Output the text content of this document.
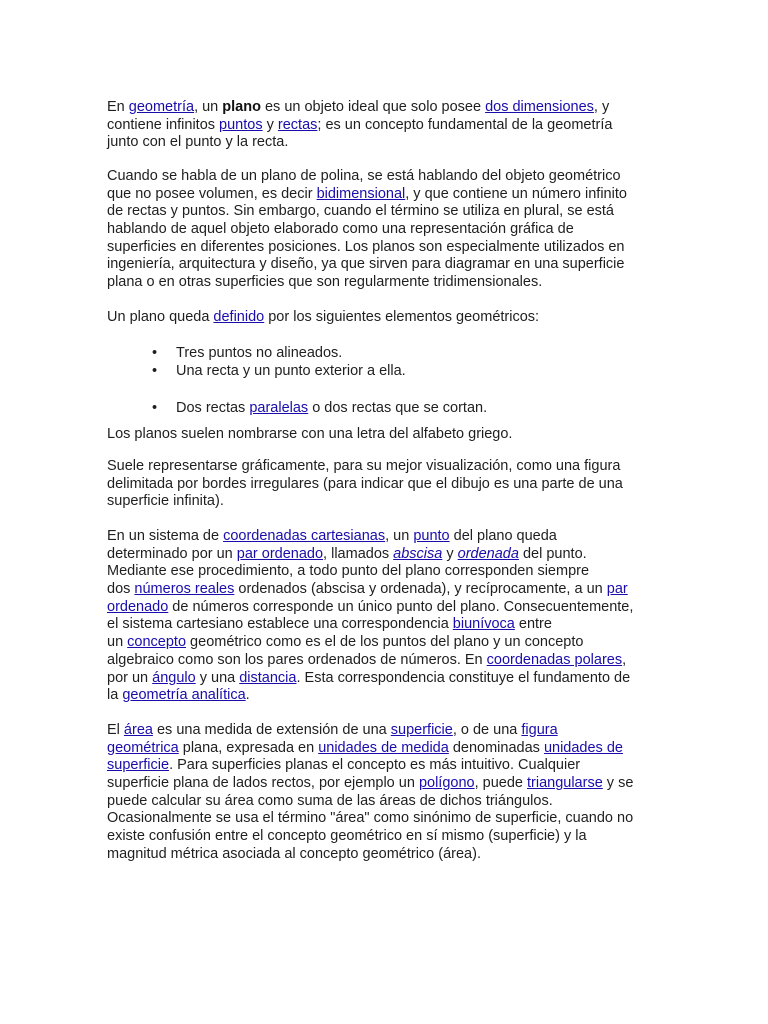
En geometría, un plano es un objeto ideal que solo posee dos dimensiones, y
contiene infinitos puntos y rectas; es un concepto fundamental de la geometría
junto con el punto y la recta.

Cuando se habla de un plano de polina, se está hablando del objeto geométrico
que no posee volumen, es decir bidimensional, y que contiene un número infinito
de rectas y puntos. Sin embargo, cuando el término se utiliza en plural, se está
hablando de aquel objeto elaborado como una representación gráfica de
superficies en diferentes posiciones. Los planos son especialmente utilizados en
ingeniería, arquitectura y diseño, ya que sirven para diagramar en una superficie
plana o en otras superficies que son regularmente tridimensionales.

Un plano queda definido por los siguientes elementos geométricos:

• Tres puntos no alineados.
• Una recta y un punto exterior a ella.
• Dos rectas paralelas o dos rectas que se cortan.

Los planos suelen nombrarse con una letra del alfabeto griego.

Suele representarse gráficamente, para su mejor visualización, como una figura
delimitada por bordes irregulares (para indicar que el dibujo es una parte de una
superficie infinita).

En un sistema de coordenadas cartesianas, un punto del plano queda
determinado por un par ordenado, llamados abscisa y ordenada del punto.
Mediante ese procedimiento, a todo punto del plano corresponden siempre
dos números reales ordenados (abscisa y ordenada), y recíprocamente, a un par
ordenado de números corresponde un único punto del plano. Consecuentemente,
el sistema cartesiano establece una correspondencia biunívoca entre
un concepto geométrico como es el de los puntos del plano y un concepto
algebraico como son los pares ordenados de números. En coordenadas polares,
por un ángulo y una distancia. Esta correspondencia constituye el fundamento de
la geometría analítica.

El área es una medida de extensión de una superficie, o de una figura
geométrica plana, expresada en unidades de medida denominadas unidades de
superficie. Para superficies planas el concepto es más intuitivo. Cualquier
superficie plana de lados rectos, por ejemplo un polígono, puede triangularse y se
puede calcular su área como suma de las áreas de dichos triángulos.
Ocasionalmente se usa el término "área" como sinónimo de superficie, cuando no
existe confusión entre el concepto geométrico en sí mismo (superficie) y la
magnitud métrica asociada al concepto geométrico (área).
